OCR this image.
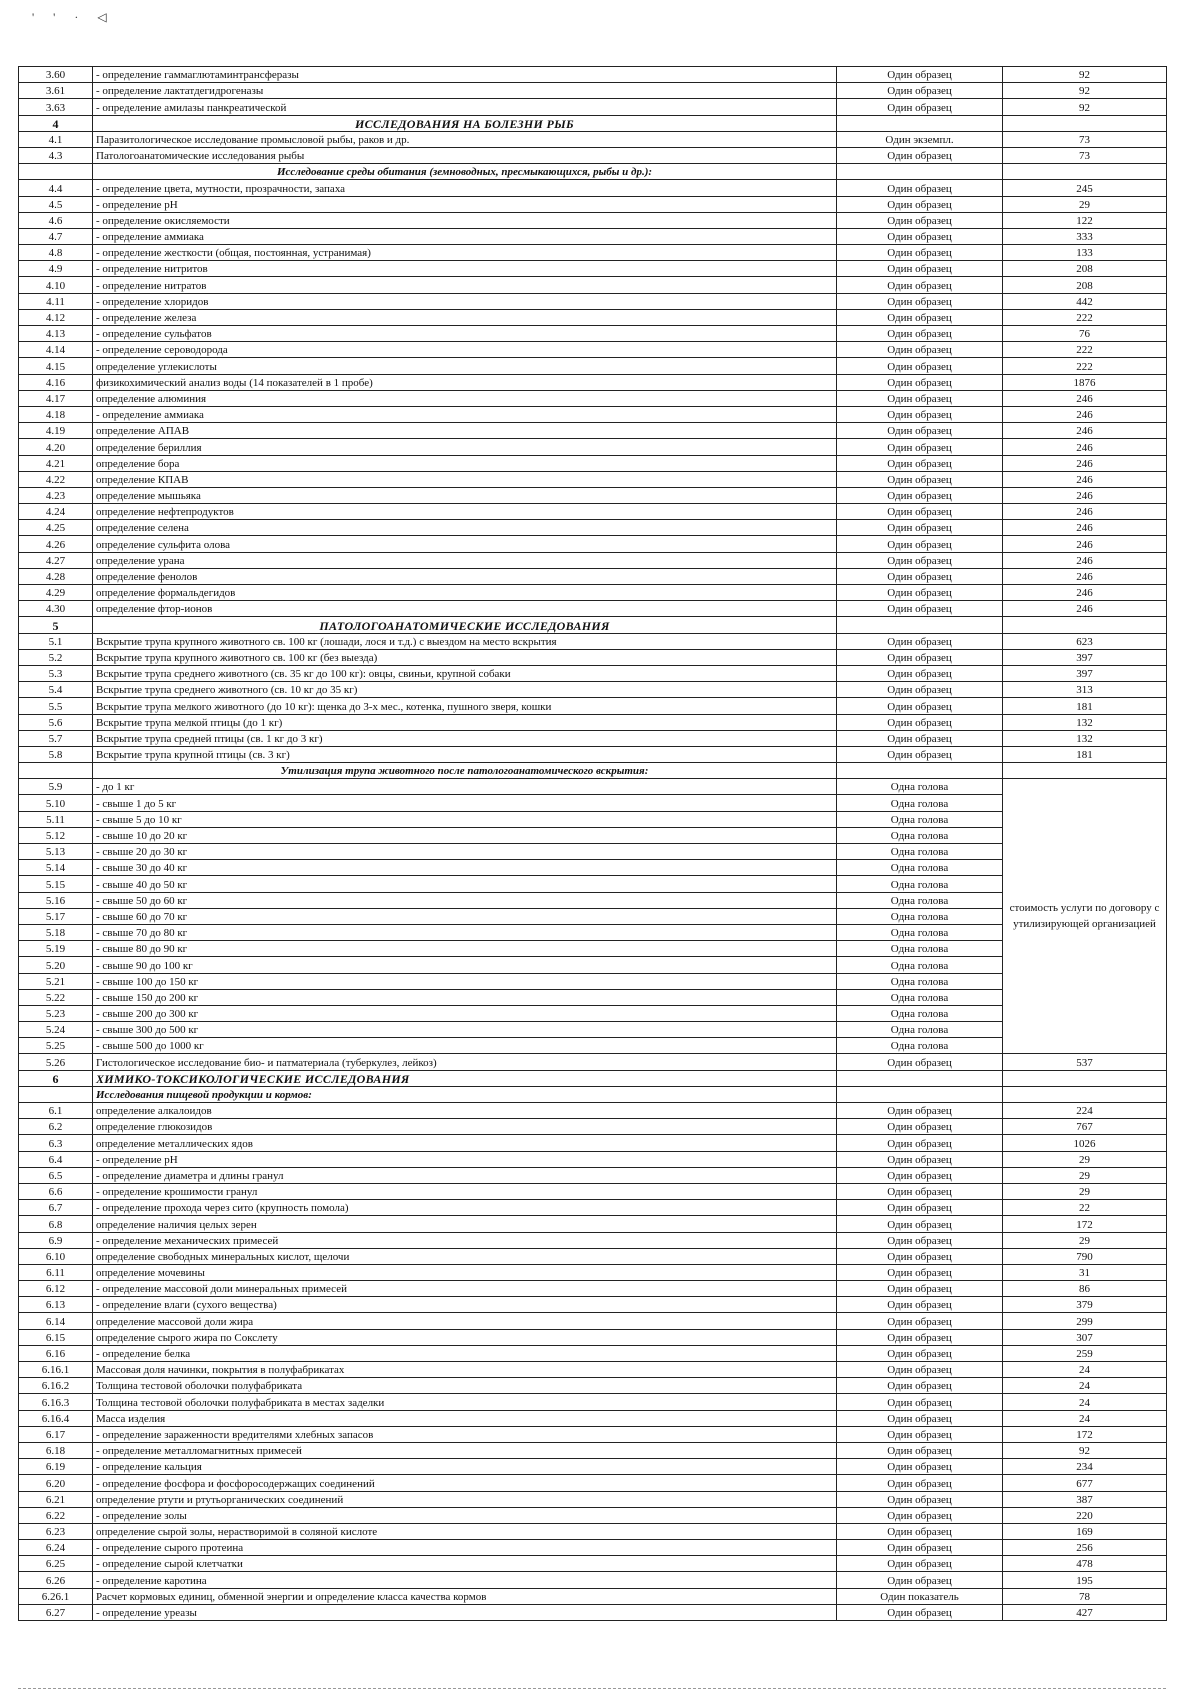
' ' · ◁
3.60	- определение гаммаглютаминтрансферазы	Один образец	92
3.61	- определение лактатдегидрогеназы	Один образец	92
3.63	- определение амилазы панкреатической	Один образец	92
4	ИССЛЕДОВАНИЯ НА БОЛЕЗНИ РЫБ		
4.1	Паразитологическое исследование промысловой рыбы, раков и др.	Один экземпл.	73
4.3	Патологоанатомические исследования рыбы	Один образец	73
	Исследование среды обитания (земноводных, пресмыкающихся, рыбы и др.):		
4.4	- определение цвета, мутности, прозрачности, запаха	Один образец	245
4.5	- определение pH	Один образец	29
4.6	- определение окисляемости	Один образец	122
4.7	- определение аммиака	Один образец	333
4.8	- определение жесткости (общая, постоянная, устранимая)	Один образец	133
4.9	- определение нитритов	Один образец	208
4.10	- определение нитратов	Один образец	208
4.11	- определение хлоридов	Один образец	442
4.12	- определение железа	Один образец	222
4.13	- определение сульфатов	Один образец	76
4.14	- определение сероводорода	Один образец	222
4.15	определение углекислоты	Один образец	222
4.16	физикохимический анализ воды (14 показателей в 1 пробе)	Один образец	1876
4.17	определение алюминия	Один образец	246
4.18	- определение аммиака	Один образец	246
4.19	определение АПАВ	Один образец	246
4.20	определение бериллия	Один образец	246
4.21	определение бора	Один образец	246
4.22	определение КПАВ	Один образец	246
4.23	определение мышьяка	Один образец	246
4.24	определение нефтепродуктов	Один образец	246
4.25	определение селена	Один образец	246
4.26	определение сульфита олова	Один образец	246
4.27	определение урана	Один образец	246
4.28	определение фенолов	Один образец	246
4.29	определение формальдегидов	Один образец	246
4.30	определение фтор-ионов	Один образец	246
5	ПАТОЛОГОАНАТОМИЧЕСКИЕ ИССЛЕДОВАНИЯ		
5.1	Вскрытие трупа крупного животного св. 100 кг (лошади, лося и т.д.) с выездом на место вскрытия	Один образец	623
5.2	Вскрытие трупа крупного животного св. 100 кг (без выезда)	Один образец	397
5.3	Вскрытие трупа среднего животного (св. 35 кг до 100 кг): овцы, свиньи, крупной собаки	Один образец	397
5.4	Вскрытие трупа среднего животного (св. 10 кг до 35 кг)	Один образец	313
5.5	Вскрытие трупа мелкого животного (до 10 кг): щенка до 3-х мес., котенка, пушного зверя, кошки	Один образец	181
5.6	Вскрытие трупа мелкой птицы (до 1 кг)	Один образец	132
5.7	Вскрытие трупа средней птицы (св. 1 кг до 3 кг)	Один образец	132
5.8	Вскрытие трупа крупной птицы (св. 3 кг)	Один образец	181
	Утилизация трупа животного после патологоанатомического вскрытия:		
5.9	- до 1 кг	Одна голова	стоимость услуги по договору с утилизирующей организацией
5.10	- свыше 1 до 5 кг	Одна голова	
5.11	- свыше 5 до 10 кг	Одна голова	
5.12	- свыше 10 до 20 кг	Одна голова	
5.13	- свыше 20 до 30 кг	Одна голова	
5.14	- свыше 30 до 40 кг	Одна голова	
5.15	- свыше 40 до 50 кг	Одна голова	
5.16	- свыше 50 до 60 кг	Одна голова	
5.17	- свыше 60 до 70 кг	Одна голова	
5.18	- свыше 70 до 80 кг	Одна голова	
5.19	- свыше 80 до 90 кг	Одна голова	
5.20	- свыше 90 до 100 кг	Одна голова	
5.21	- свыше 100 до 150 кг	Одна голова	
5.22	- свыше 150 до 200 кг	Одна голова	
5.23	- свыше 200 до 300 кг	Одна голова	
5.24	- свыше 300 до 500 кг	Одна голова	
5.25	- свыше 500 до 1000 кг	Одна голова	
5.26	Гистологическое исследование био- и патматериала (туберкулез, лейкоз)	Один образец	537
6	ХИМИКО-ТОКСИКОЛОГИЧЕСКИЕ ИССЛЕДОВАНИЯ		
	Исследования пищевой продукции и кормов:		
6.1	определение алкалоидов	Один образец	224
6.2	определение глюкозидов	Один образец	767
6.3	определение металлических ядов	Один образец	1026
6.4	- определение pH	Один образец	29
6.5	- определение диаметра и длины гранул	Один образец	29
6.6	- определение крошимости гранул	Один образец	29
6.7	- определение прохода через сито (крупность помола)	Один образец	22
6.8	определение наличия целых зерен	Один образец	172
6.9	- определение механических примесей	Один образец	29
6.10	определение свободных минеральных кислот, щелочи	Один образец	790
6.11	определение мочевины	Один образец	31
6.12	- определение массовой доли минеральных примесей	Один образец	86
6.13	- определение влаги (сухого вещества)	Один образец	379
6.14	определение массовой доли жира	Один образец	299
6.15	определение сырого жира по Сокслету	Один образец	307
6.16	- определение белка	Один образец	259
6.16.1	Массовая доля начинки, покрытия в полуфабрикатах	Один образец	24
6.16.2	Толщина тестовой оболочки полуфабриката	Один образец	24
6.16.3	Толщина тестовой оболочки полуфабриката в местах заделки	Один образец	24
6.16.4	Масса изделия	Один образец	24
6.17	- определение зараженности вредителями хлебных запасов	Один образец	172
6.18	- определение металломагнитных примесей	Один образец	92
6.19	- определение кальция	Один образец	234
6.20	- определение фосфора и фосфоросодержащих соединений	Один образец	677
6.21	определение ртути и ртутьорганических соединений	Один образец	387
6.22	- определение золы	Один образец	220
6.23	определение сырой золы, нерастворимой в соляной кислоте	Один образец	169
6.24	- определение сырого протеина	Один образец	256
6.25	- определение сырой клетчатки	Один образец	478
6.26	- определение каротина	Один образец	195
6.26.1	Расчет кормовых единиц, обменной энергии и определение класса качества кормов	Один показатель	78
6.27	- определение уреазы	Один образец	427
